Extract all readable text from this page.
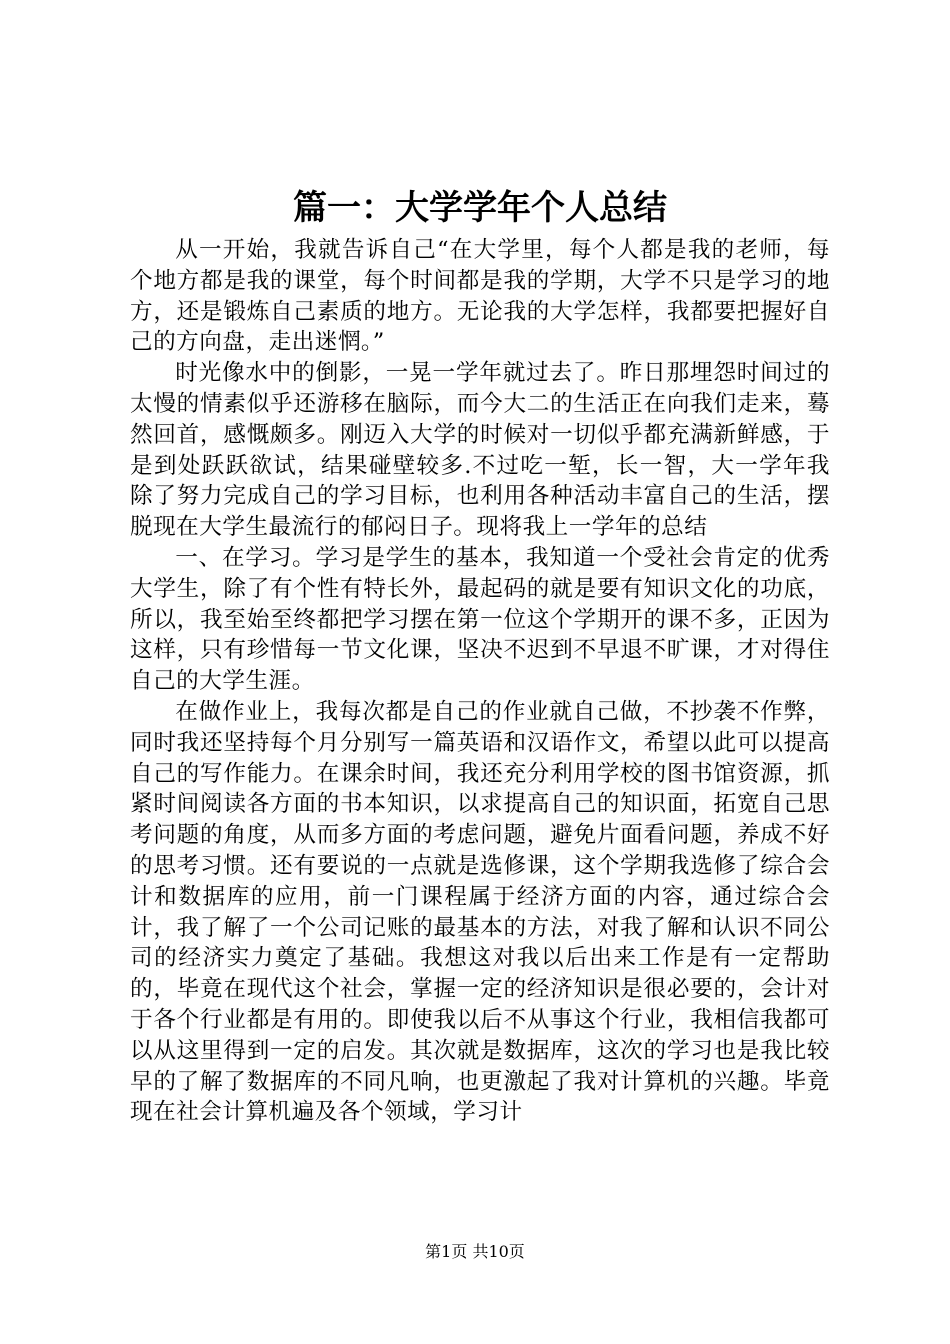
篇一：大学学年个人总结

从一开始，我就告诉自己“在大学里，每个人都是我的老师，每个地方都是我的课堂，每个时间都是我的学期，大学不只是学习的地方，还是锻炼自己素质的地方。无论我的大学怎样，我都要把握好自己的方向盘，走出迷惘。”

时光像水中的倒影，一晃一学年就过去了。昨日那埋怨时间过的太慢的情素似乎还游移在脑际，而今大二的生活正在向我们走来，蓦然回首，感慨颇多。刚迈入大学的时候对一切似乎都充满新鲜感，于是到处跃跃欲试，结果碰壁较多.不过吃一堑，长一智，大一学年我除了努力完成自己的学习目标，也利用各种活动丰富自己的生活，摆脱现在大学生最流行的郁闷日子。现将我上一学年的总结

一、在学习。学习是学生的基本，我知道一个受社会肯定的优秀大学生，除了有个性有特长外，最起码的就是要有知识文化的功底，所以，我至始至终都把学习摆在第一位这个学期开的课不多，正因为这样，只有珍惜每一节文化课，坚决不迟到不早退不旷课，才对得住自己的大学生涯。

在做作业上，我每次都是自己的作业就自己做，不抄袭不作弊，同时我还坚持每个月分别写一篇英语和汉语作文，希望以此可以提高自己的写作能力。在课余时间，我还充分利用学校的图书馆资源，抓紧时间阅读各方面的书本知识，以求提高自己的知识面，拓宽自己思考问题的角度，从而多方面的考虑问题，避免片面看问题，养成不好的思考习惯。还有要说的一点就是选修课，这个学期我选修了综合会计和数据库的应用，前一门课程属于经济方面的内容，通过综合会计，我了解了一个公司记账的最基本的方法，对我了解和认识不同公司的经济实力奠定了基础。我想这对我以后出来工作是有一定帮助的，毕竟在现代这个社会，掌握一定的经济知识是很必要的，会计对于各个行业都是有用的。即使我以后不从事这个行业，我相信我都可以从这里得到一定的启发。其次就是数据库，这次的学习也是我比较早的了解了数据库的不同凡响，也更激起了我对计算机的兴趣。毕竟现在社会计算机遍及各个领域，学习计

第1页 共10页
